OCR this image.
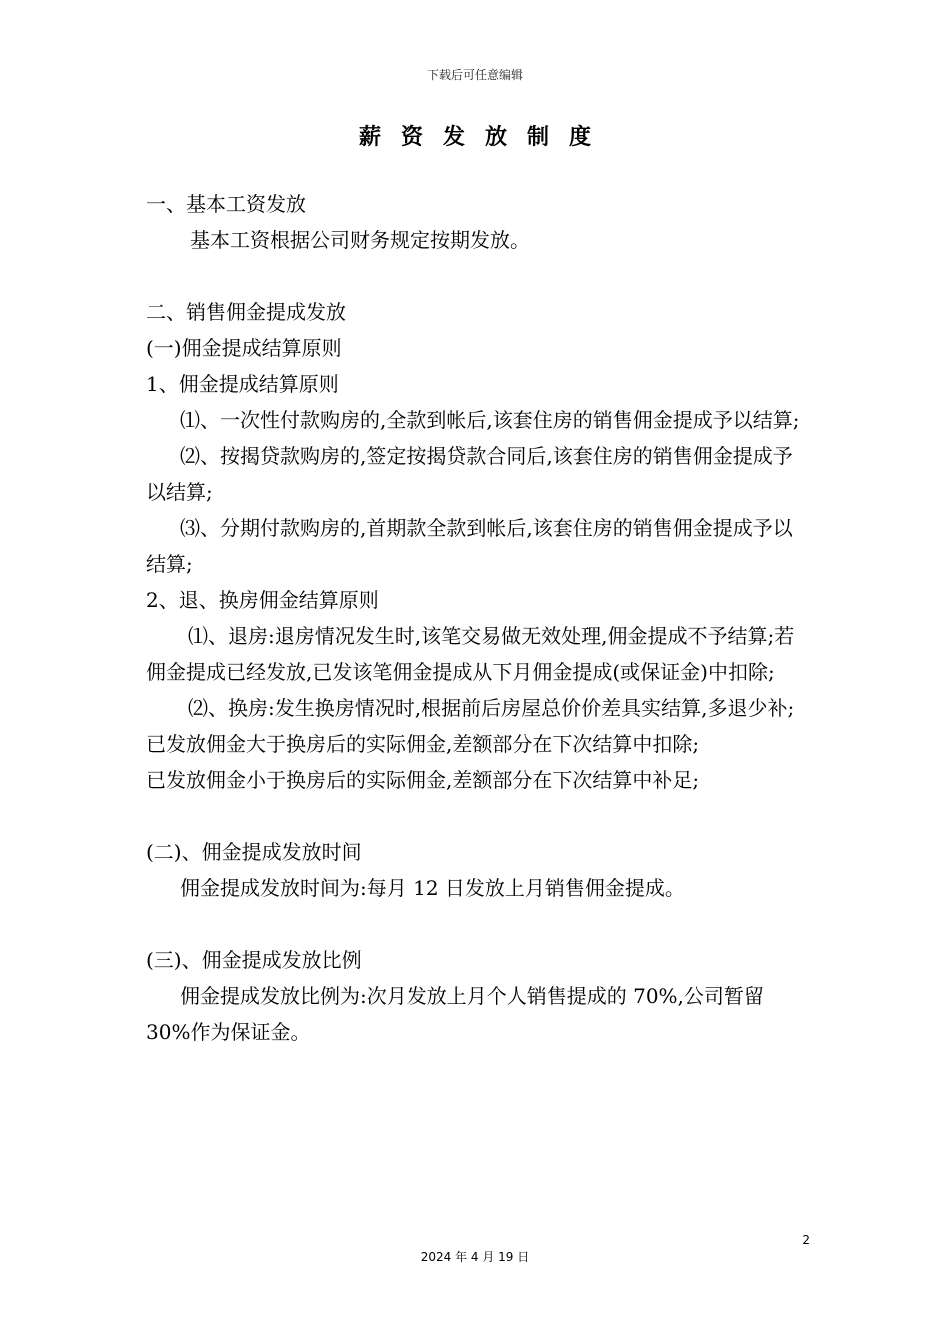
下载后可任意编辑
薪资发放制度

一、基本工资发放

基本工资根据公司财务规定按期发放。

二、销售佣金提成发放

(一)佣金提成结算原则

1、佣金提成结算原则

⑴、一次性付款购房的,全款到帐后,该套住房的销售佣金提成予以结算;

⑵、按揭贷款购房的,签定按揭贷款合同后,该套住房的销售佣金提成予以结算;

⑶、分期付款购房的,首期款全款到帐后,该套住房的销售佣金提成予以结算;

2、退、换房佣金结算原则

⑴、退房:退房情况发生时,该笔交易做无效处理,佣金提成不予结算;若佣金提成已经发放,已发该笔佣金提成从下月佣金提成(或保证金)中扣除;

⑵、换房:发生换房情况时,根据前后房屋总价价差具实结算,多退少补;

已发放佣金大于换房后的实际佣金,差额部分在下次结算中扣除;

已发放佣金小于换房后的实际佣金,差额部分在下次结算中补足;

(二)、佣金提成发放时间

佣金提成发放时间为:每月 12 日发放上月销售佣金提成。

(三)、佣金提成发放比例

佣金提成发放比例为:次月发放上月个人销售提成的 70%,公司暂留 30%作为保证金。

2
2024 年 4 月 19 日
